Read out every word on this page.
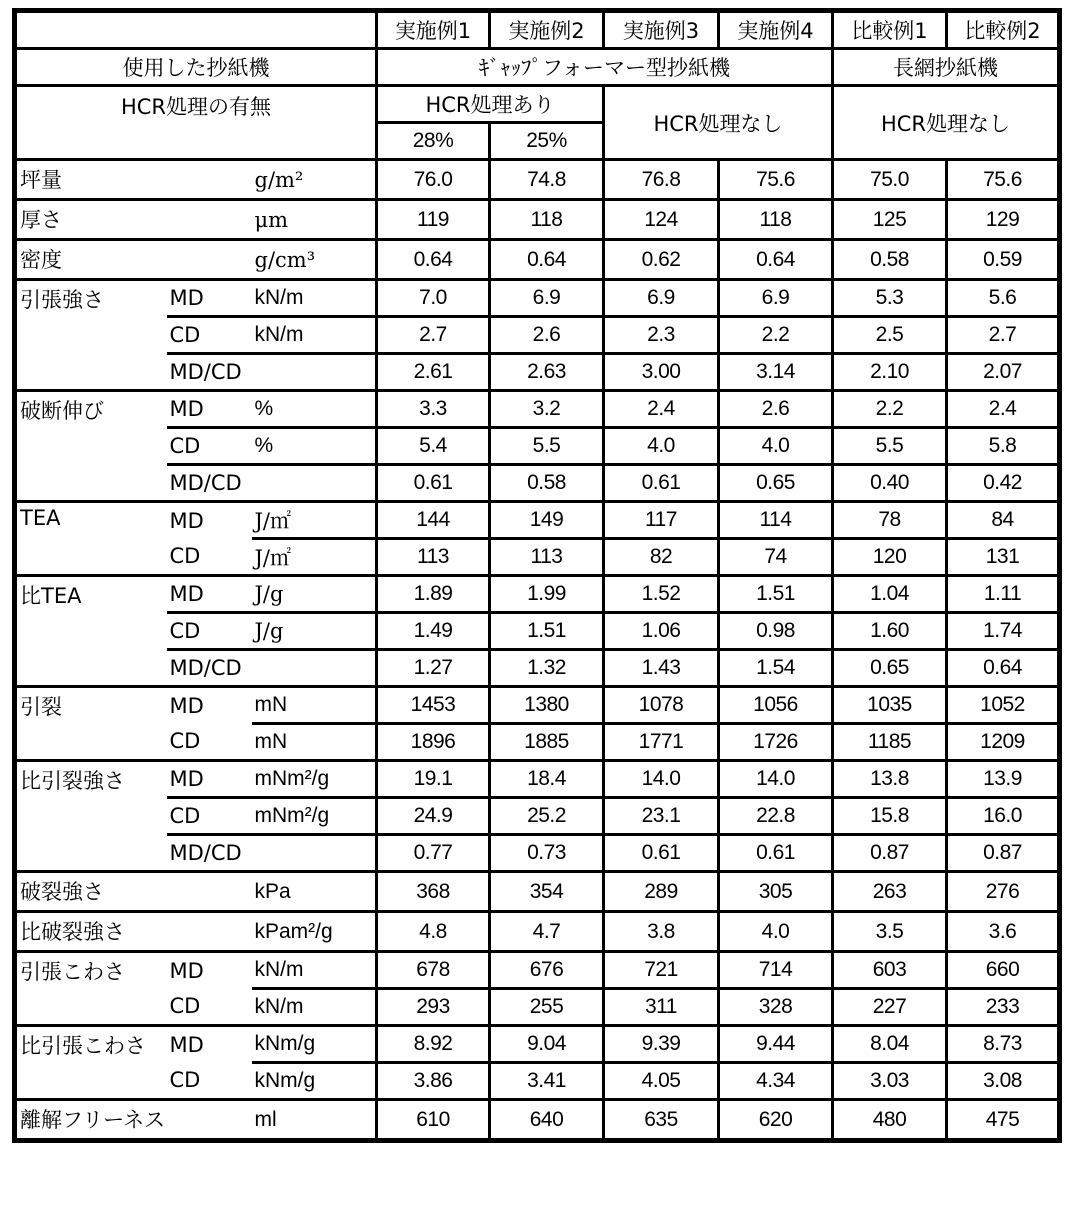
			実施例1	実施例2	実施例3	実施例4	比較例1	比較例2
使用した抄紙機			ｷﾞｬｯﾌﾟフォーマー型抄紙機				長網抄紙機	
HCR処理の有無			HCR処理あり		HCR処理なし		HCR処理なし	
			28%	25%				
坪量		g/m²	76.0	74.8	76.8	75.6	75.0	75.6
厚さ		μm	119	118	124	118	125	129
密度		g/cm³	0.64	0.64	0.62	0.64	0.58	0.59
引張強さ	MD	kN/m	7.0	6.9	6.9	6.9	5.3	5.6
	CD	kN/m	2.7	2.6	2.3	2.2	2.5	2.7
	MD/CD		2.61	2.63	3.00	3.14	2.10	2.07
破断伸び	MD	%	3.3	3.2	2.4	2.6	2.2	2.4
	CD	%	5.4	5.5	4.0	4.0	5.5	5.8
	MD/CD		0.61	0.58	0.61	0.65	0.40	0.42
TEA	MD	J/㎡	144	149	117	114	78	84
	CD	J/㎡	113	113	82	74	120	131
比TEA	MD	J/g	1.89	1.99	1.52	1.51	1.04	1.11
	CD	J/g	1.49	1.51	1.06	0.98	1.60	1.74
	MD/CD		1.27	1.32	1.43	1.54	0.65	0.64
引裂	MD	mN	1453	1380	1078	1056	1035	1052
	CD	mN	1896	1885	1771	1726	1185	1209
比引裂強さ	MD	mNm²/g	19.1	18.4	14.0	14.0	13.8	13.9
	CD	mNm²/g	24.9	25.2	23.1	22.8	15.8	16.0
	MD/CD		0.77	0.73	0.61	0.61	0.87	0.87
破裂強さ		kPa	368	354	289	305	263	276
比破裂強さ		kPam²/g	4.8	4.7	3.8	4.0	3.5	3.6
引張こわさ	MD	kN/m	678	676	721	714	603	660
	CD	kN/m	293	255	311	328	227	233
比引張こわさ	MD	kNm/g	8.92	9.04	9.39	9.44	8.04	8.73
	CD	kNm/g	3.86	3.41	4.05	4.34	3.03	3.08
離解フリーネス		ml	610	640	635	620	480	475
